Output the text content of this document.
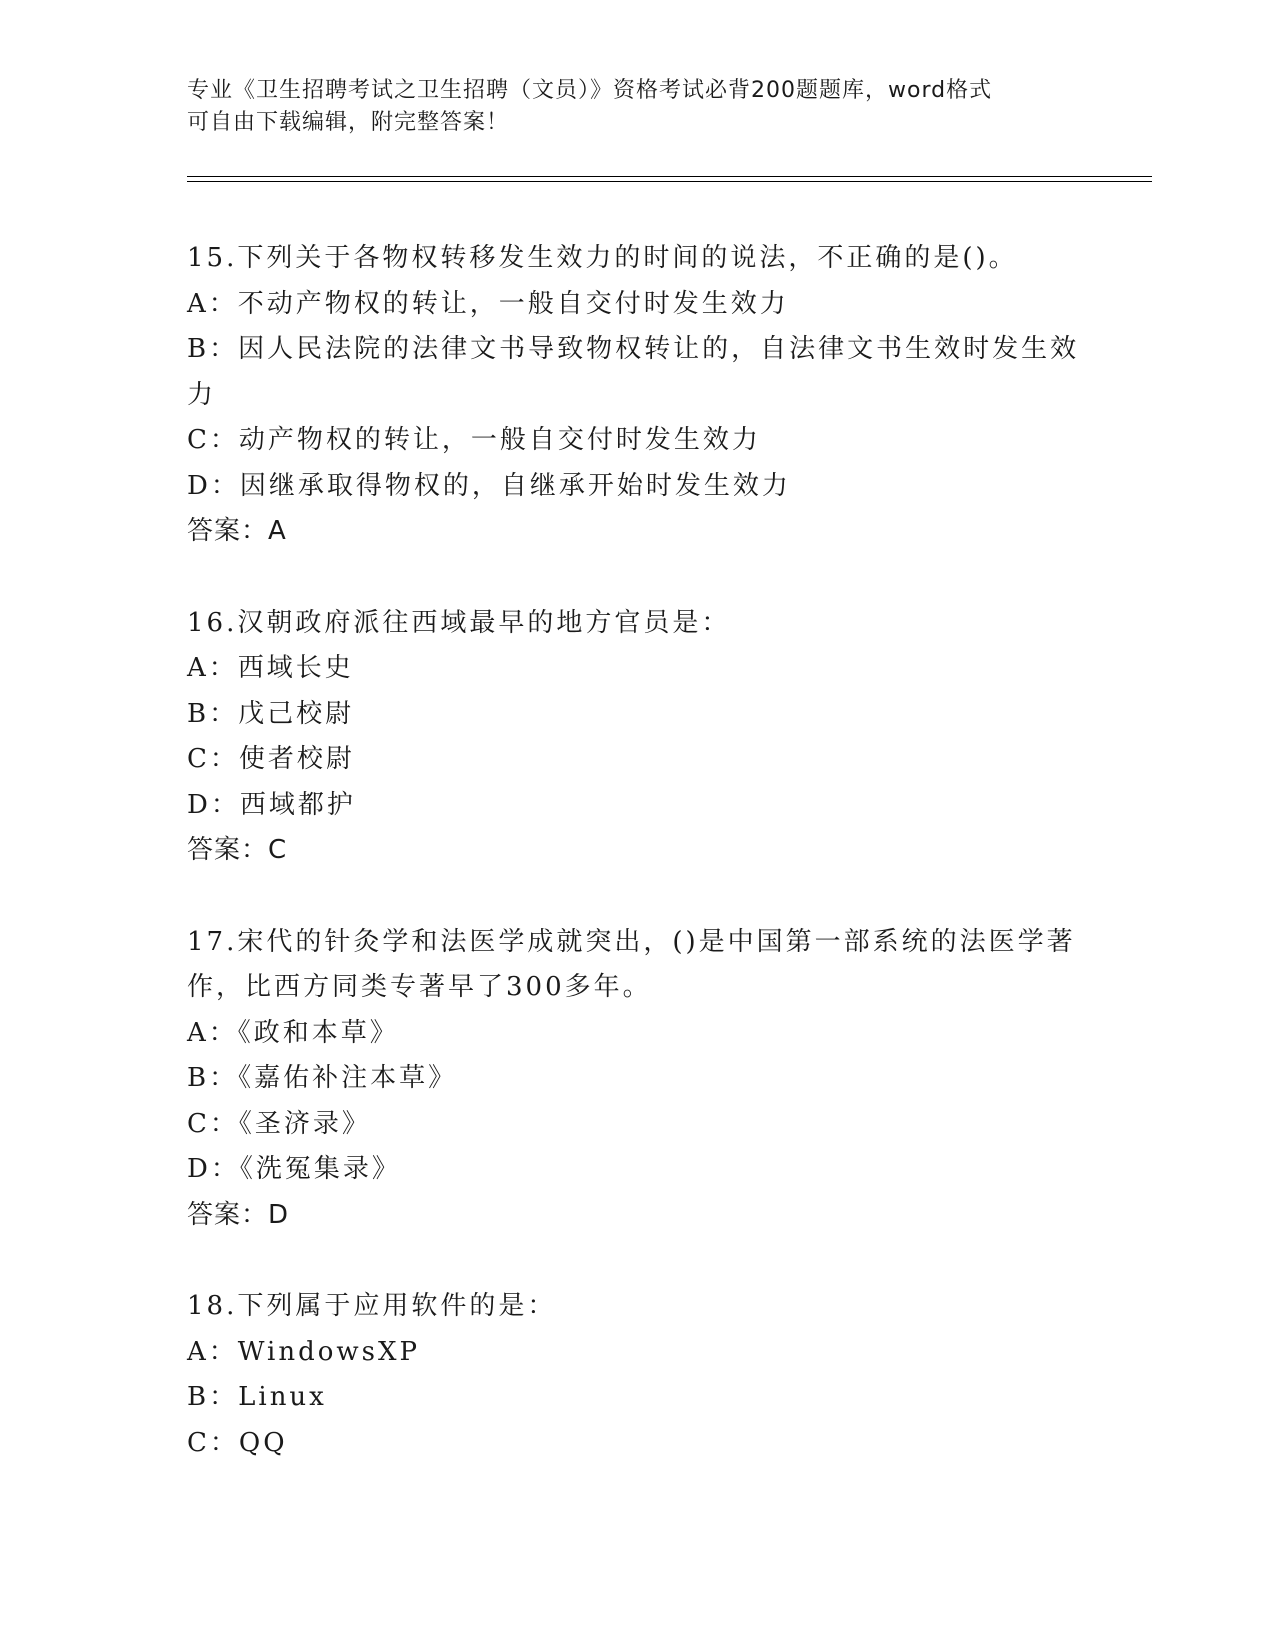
专业《卫生招聘考试之卫生招聘（文员）》资格考试必背200题题库，word格式
可自由下载编辑，附完整答案！
15.下列关于各物权转移发生效力的时间的说法，不正确的是()。
A：不动产物权的转让，一般自交付时发生效力
B：因人民法院的法律文书导致物权转让的，自法律文书生效时发生效
力
C：动产物权的转让，一般自交付时发生效力
D：因继承取得物权的，自继承开始时发生效力
答案：A
16.汉朝政府派往西域最早的地方官员是：
A：西域长史
B：戊己校尉
C：使者校尉
D：西域都护
答案：C
17.宋代的针灸学和法医学成就突出，()是中国第一部系统的法医学著
作，比西方同类专著早了300多年。
A：《政和本草》
B：《嘉佑补注本草》
C：《圣济录》
D：《洗冤集录》
答案：D
18.下列属于应用软件的是：
A：WindowsXP
B：Linux
C：QQ
